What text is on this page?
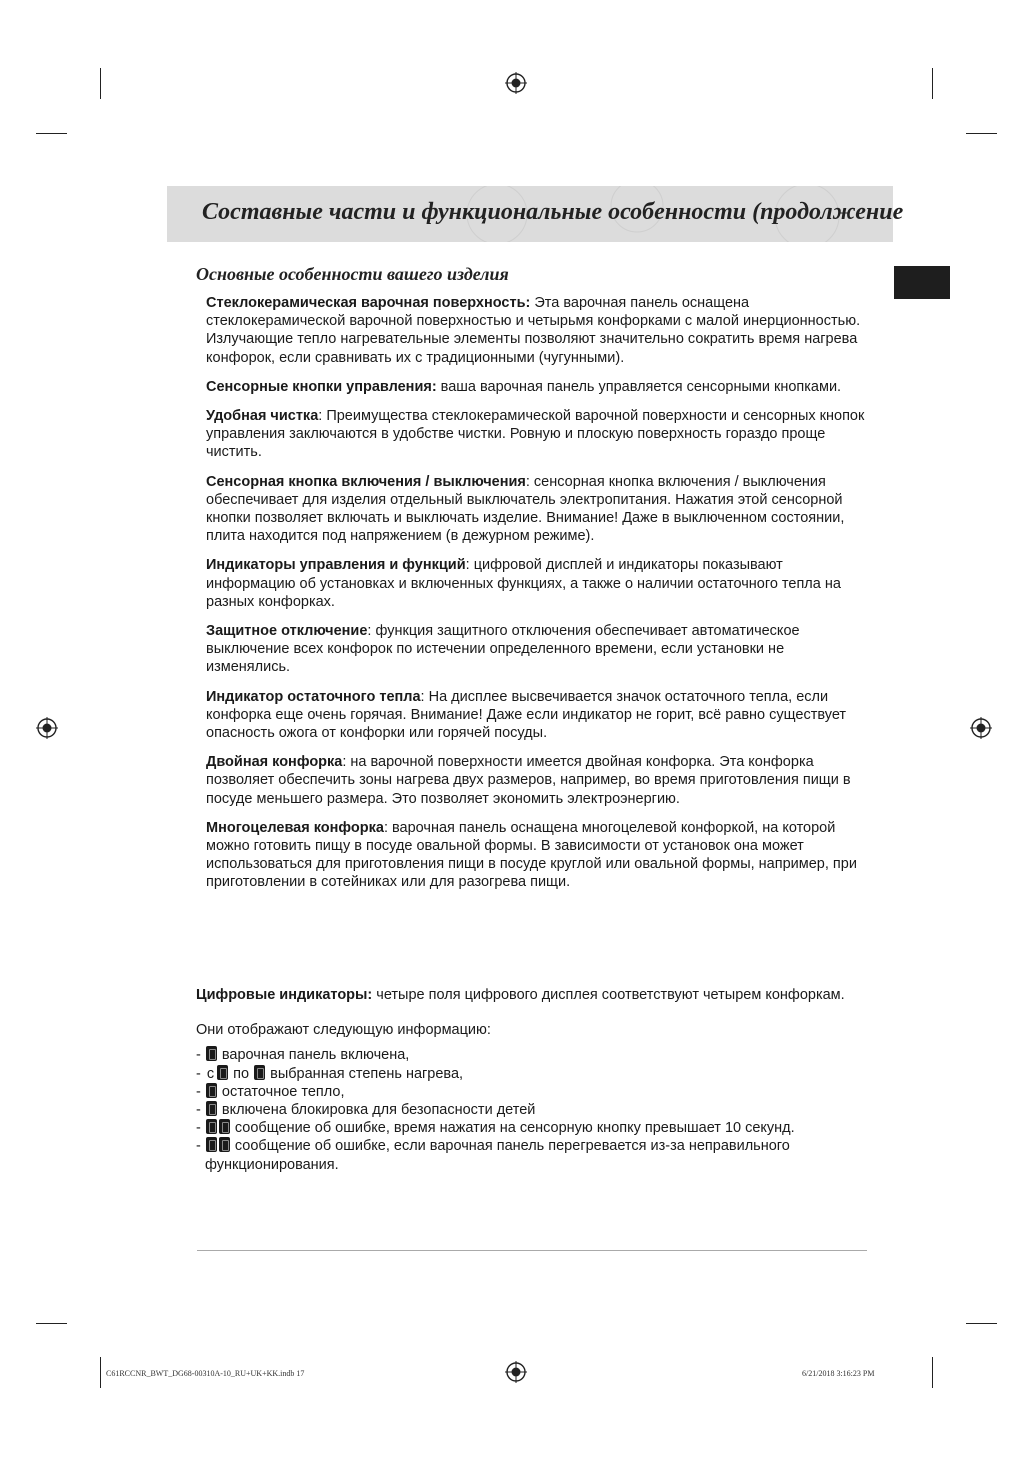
Составные части и функциональные особенности (продолжение
Основные особенности вашего изделия

Стеклокерамическая варочная поверхность: Эта варочная панель оснащена стеклокерамической варочной поверхностью и четырьмя конфорками с малой инерционностью. Излучающие тепло нагревательные элементы позволяют значительно сократить время нагрева конфорок, если сравнивать их с традиционными (чугунными).

Сенсорные кнопки управления: ваша варочная панель управляется сенсорными кнопками.

Удобная чистка: Преимущества стеклокерамической варочной поверхности и сенсорных кнопок управления заключаются в удобстве чистки. Ровную и плоскую поверхность гораздо проще чистить.

Сенсорная кнопка включения / выключения: сенсорная кнопка включения / выключения обеспечивает для изделия отдельный выключатель электропитания. Нажатия этой сенсорной кнопки позволяет включать и выключать изделие. Внимание! Даже в выключенном состоянии, плита находится под напряжением (в дежурном режиме).

Индикаторы управления и функций: цифровой дисплей и индикаторы показывают информацию об установках и включенных функциях, а также о наличии остаточного тепла на разных конфорках.

Защитное отключение: функция защитного отключения обеспечивает автоматическое выключение всех конфорок по истечении определенного времени, если установки не изменялись.

Индикатор остаточного тепла: На дисплее высвечивается значок остаточного тепла, если конфорка еще очень горячая. Внимание! Даже если индикатор не горит, всё равно существует опасность ожога от конфорки или горячей посуды.

Двойная конфорка: на варочной поверхности имеется двойная конфорка. Эта конфорка позволяет обеспечить зоны нагрева двух размеров, например, во время приготовления пищи в посуде меньшего размера. Это позволяет экономить электроэнергию.

Многоцелевая конфорка: варочная панель оснащена многоцелевой конфоркой, на которой можно готовить пищу в посуде овальной формы. В зависимости от установок она может использоваться для приготовления пищи в посуде круглой или овальной формы, например, при приготовлении в сотейниках или для разогрева пищи.

Цифровые индикаторы: четыре поля цифрового дисплея соответствуют четырем конфоркам.

Они отображают следующую информацию:

-  варочная панель включена,

- с по выбранная степень нагрева,

-  остаточное тепло,

-  включена блокировка для безопасности детей

-  сообщение об ошибке, время нажатия на сенсорную кнопку превышает 10 секунд.

-  сообщение об ошибке, если варочная панель перегревается из-за неправильного
функционирования.

C61RCCNR_BWT_DG68-00310A-10_RU+UK+KK.indb 17	6/21/2018 3:16:23 PM
